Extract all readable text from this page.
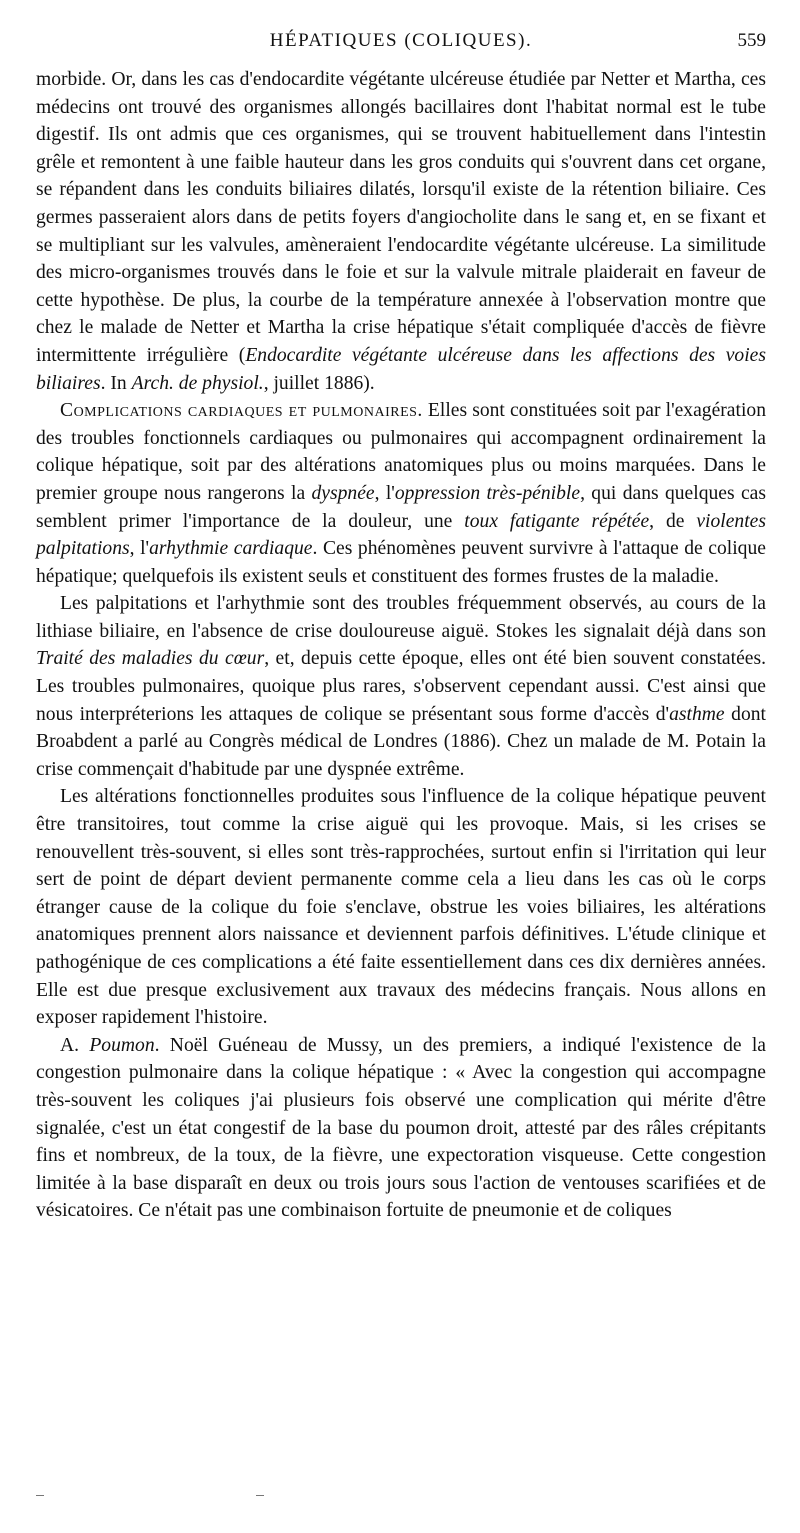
HÉPATIQUES (COLIQUES).	559

morbide. Or, dans les cas d'endocardite végétante ulcéreuse étudiée par Netter et Martha, ces médecins ont trouvé des organismes allongés bacillaires dont l'habitat normal est le tube digestif. Ils ont admis que ces organismes, qui se trouvent habituellement dans l'intestin grêle et remontent à une faible hauteur dans les gros conduits qui s'ouvrent dans cet organe, se répandent dans les conduits biliaires dilatés, lorsqu'il existe de la rétention biliaire. Ces germes passeraient alors dans de petits foyers d'angiocholite dans le sang et, en se fixant et se multipliant sur les valvules, amèneraient l'endocardite végétante ulcéreuse. La similitude des micro-organismes trouvés dans le foie et sur la valvule mitrale plaiderait en faveur de cette hypothèse. De plus, la courbe de la température annexée à l'observation montre que chez le malade de Netter et Martha la crise hépatique s'était compliquée d'accès de fièvre intermittente irrégulière (Endocardite végétante ulcéreuse dans les affections des voies biliaires. In Arch. de physiol., juillet 1886).

Complications cardiaques et pulmonaires. Elles sont constituées soit par l'exagération des troubles fonctionnels cardiaques ou pulmonaires qui accompagnent ordinairement la colique hépatique, soit par des altérations anatomiques plus ou moins marquées. Dans le premier groupe nous rangerons la dyspnée, l'oppression très-pénible, qui dans quelques cas semblent primer l'importance de la douleur, une toux fatigante répétée, de violentes palpitations, l'arhythmie cardiaque. Ces phénomènes peuvent survivre à l'attaque de colique hépatique; quelquefois ils existent seuls et constituent des formes frustes de la maladie.

Les palpitations et l'arhythmie sont des troubles fréquemment observés, au cours de la lithiase biliaire, en l'absence de crise douloureuse aiguë. Stokes les signalait déjà dans son Traité des maladies du cœur, et, depuis cette époque, elles ont été bien souvent constatées. Les troubles pulmonaires, quoique plus rares, s'observent cependant aussi. C'est ainsi que nous interpréterions les attaques de colique se présentant sous forme d'accès d'asthme dont Broabdent a parlé au Congrès médical de Londres (1886). Chez un malade de M. Potain la crise commençait d'habitude par une dyspnée extrême.

Les altérations fonctionnelles produites sous l'influence de la colique hépatique peuvent être transitoires, tout comme la crise aiguë qui les provoque. Mais, si les crises se renouvellent très-souvent, si elles sont très-rapprochées, surtout enfin si l'irritation qui leur sert de point de départ devient permanente comme cela a lieu dans les cas où le corps étranger cause de la colique du foie s'enclave, obstrue les voies biliaires, les altérations anatomiques prennent alors naissance et deviennent parfois définitives. L'étude clinique et pathogénique de ces complications a été faite essentiellement dans ces dix dernières années. Elle est due presque exclusivement aux travaux des médecins français. Nous allons en exposer rapidement l'histoire.

A. Poumon. Noël Guéneau de Mussy, un des premiers, a indiqué l'existence de la congestion pulmonaire dans la colique hépatique : « Avec la congestion qui accompagne très-souvent les coliques j'ai plusieurs fois observé une complication qui mérite d'être signalée, c'est un état congestif de la base du poumon droit, attesté par des râles crépitants fins et nombreux, de la toux, de la fièvre, une expectoration visqueuse. Cette congestion limitée à la base disparaît en deux ou trois jours sous l'action de ventouses scarifiées et de vésicatoires. Ce n'était pas une combinaison fortuite de pneumonie et de coliques
